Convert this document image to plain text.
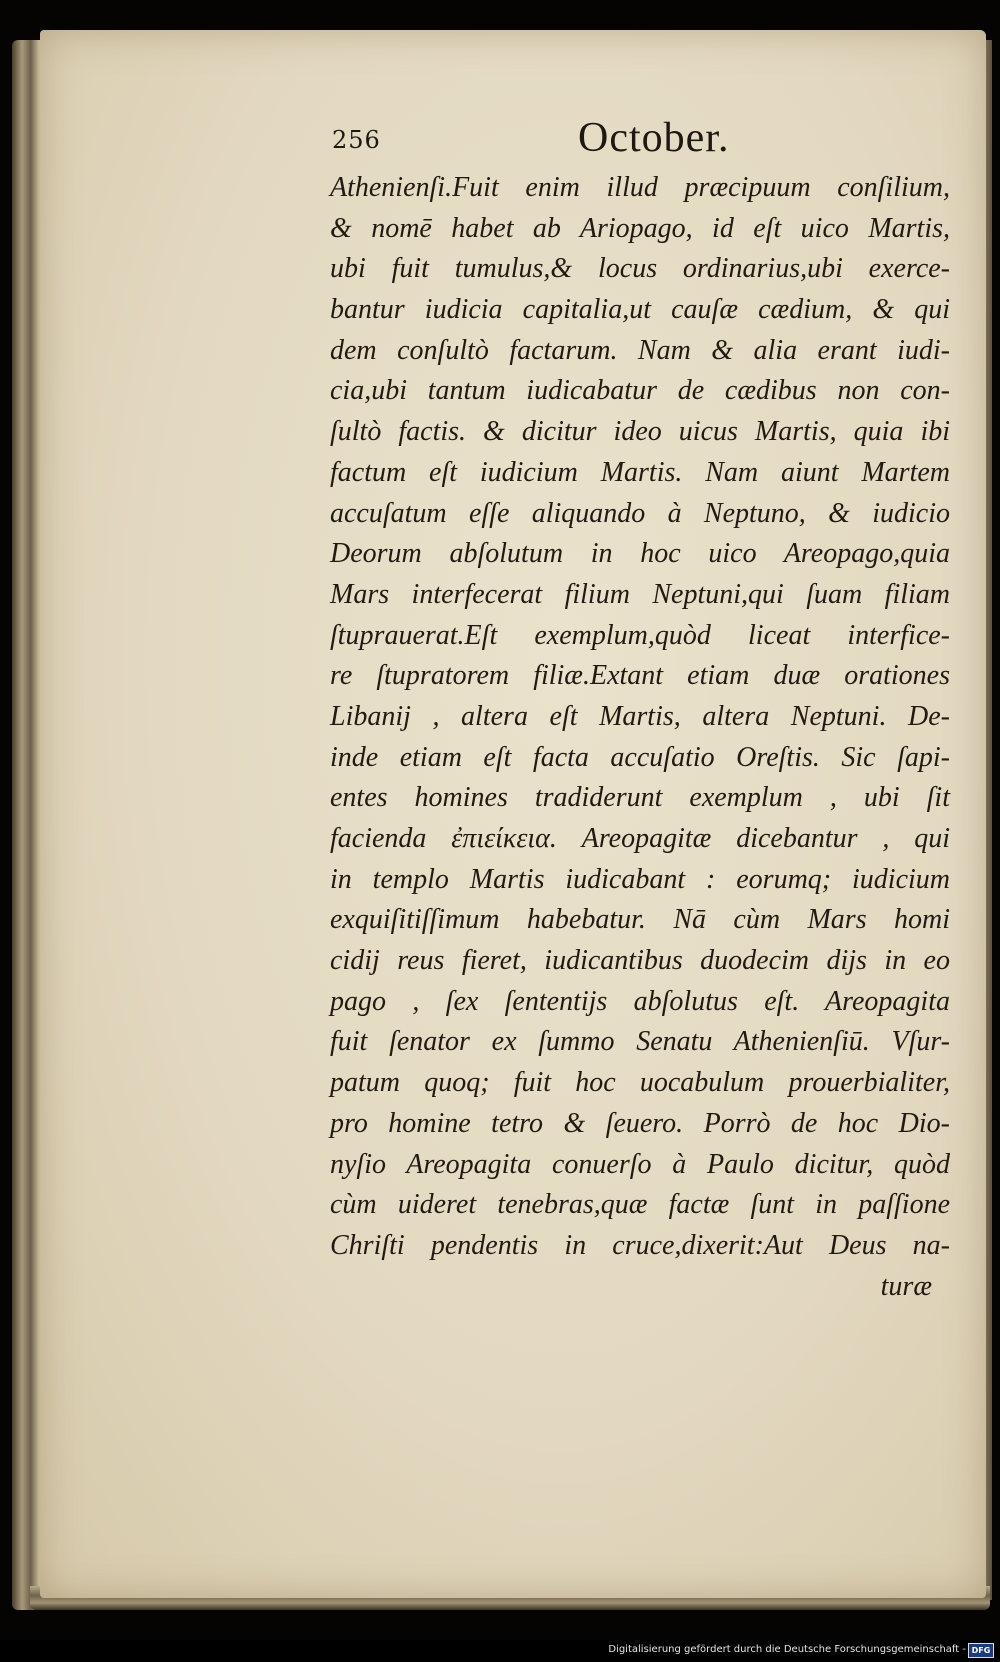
256	October.
Athenienſi.Fuit enim illud præcipuum conſilium,
& nomē habet ab Ariopago, id eſt uico Martis,
ubi fuit tumulus,& locus ordinarius,ubi exerce-
bantur iudicia capitalia,ut cauſæ cædium, & qui
dem conſultò factarum. Nam & alia erant iudi-
cia,ubi tantum iudicabatur de cædibus non con-
ſultò factis. & dicitur ideo uicus Martis, quia ibi
factum eſt iudicium Martis. Nam aiunt Martem
accuſatum eſſe aliquando à Neptuno, & iudicio
Deorum abſolutum in hoc uico Areopago,quia
Mars interfecerat filium Neptuni,qui ſuam filiam
ſtuprauerat.Eſt exemplum,quòd liceat interfice-
re ſtupratorem filiæ.Extant etiam duæ orationes
Libanij , altera eſt Martis, altera Neptuni. De-
inde etiam eſt facta accuſatio Oreſtis. Sic ſapi-
entes homines tradiderunt exemplum , ubi ſit
facienda ἐπιείκεια. Areopagitæ dicebantur , qui
in templo Martis iudicabant : eorumq; iudicium
exquiſitiſſimum habebatur. Nā cùm Mars homi
cidij reus fieret, iudicantibus duodecim dijs in eo
pago , ſex ſententijs abſolutus eſt. Areopagita
fuit ſenator ex ſummo Senatu Athenienſiū. Vſur-
patum quoq; fuit hoc uocabulum prouerbialiter,
pro homine tetro & ſeuero. Porrò de hoc Dio-
nyſio Areopagita conuerſo à Paulo dicitur, quòd
cùm uideret tenebras,quæ factæ ſunt in paſſione
Chriſti pendentis in cruce,dixerit:Aut Deus na-
turæ
Digitalisierung gefördert durch die Deutsche Forschungsgemeinschaft - DFG
